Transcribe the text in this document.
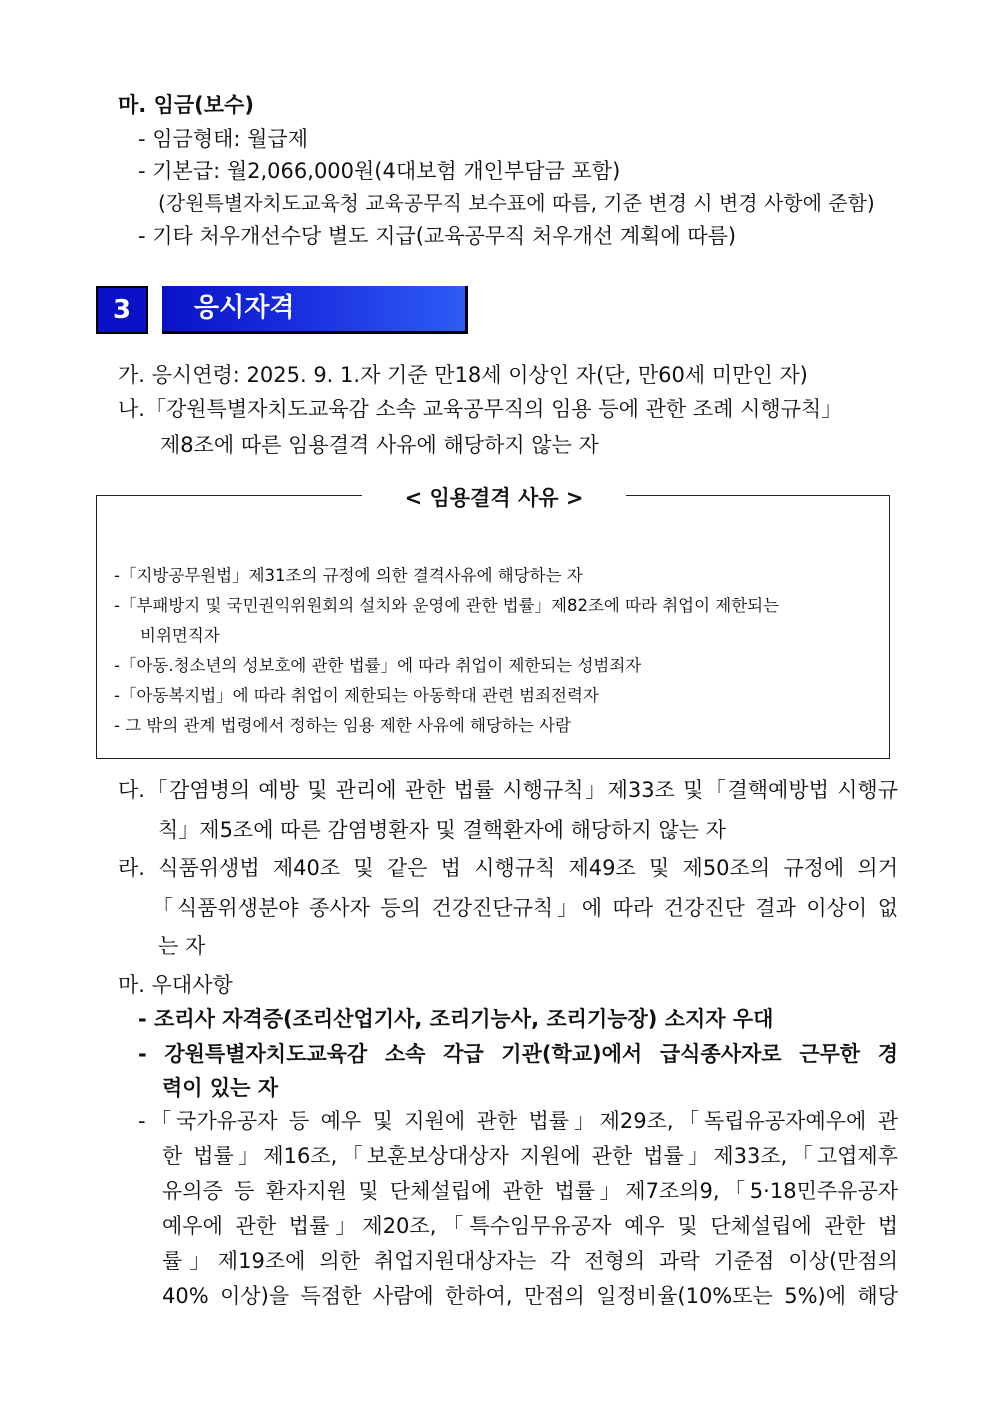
마. 임금(보수)
- 임금형태: 월급제
- 기본급: 월2,066,000원(4대보험 개인부담금 포함)
(강원특별자치도교육청 교육공무직 보수표에 따름, 기준 변경 시 변경 사항에 준함)
- 기타 처우개선수당 별도 지급(교육공무직 처우개선 계획에 따름)
3	응시자격
가. 응시연령: 2025. 9. 1.자 기준 만18세 이상인 자(단, 만60세 미만인 자)
나.「강원특별자치도교육감 소속 교육공무직의 임용 등에 관한 조례 시행규칙」
제8조에 따른 임용결격 사유에 해당하지 않는 자
< 임용결격 사유 >
-「지방공무원법」제31조의 규정에 의한 결격사유에 해당하는 자
-「부패방지 및 국민권익위원회의 설치와 운영에 관한 법률」제82조에 따라 취업이 제한되는
비위면직자
-「아동.청소년의 성보호에 관한 법률」에 따라 취업이 제한되는 성범죄자
-「아동복지법」에 따라 취업이 제한되는 아동학대 관련 범죄전력자
- 그 밖의 관계 법령에서 정하는 임용 제한 사유에 해당하는 사람
다.「감염병의 예방 및 관리에 관한 법률 시행규칙」제33조 및「결핵예방법 시행규
칙」제5조에 따른 감염병환자 및 결핵환자에 해당하지 않는 자
라. 식품위생법 제40조 및 같은 법 시행규칙 제49조 및 제50조의 규정에 의거
「식품위생분야 종사자 등의 건강진단규칙」에 따라 건강진단 결과 이상이 없
는 자
마. 우대사항
- 조리사 자격증(조리산업기사, 조리기능사, 조리기능장) 소지자 우대
- 강원특별자치도교육감 소속 각급 기관(학교)에서 급식종사자로 근무한 경
력이 있는 자
-「국가유공자 등 예우 및 지원에 관한 법률」제29조,「독립유공자예우에 관
한 법률」제16조,「보훈보상대상자 지원에 관한 법률」제33조,「고엽제후
유의증 등 환자지원 및 단체설립에 관한 법률」제7조의9,「5·18민주유공자
예우에 관한 법률」제20조,「특수임무유공자 예우 및 단체설립에 관한 법
률」제19조에 의한 취업지원대상자는 각 전형의 과락 기준점 이상(만점의
40% 이상)을 득점한 사람에 한하여, 만점의 일정비율(10%또는 5%)에 해당
